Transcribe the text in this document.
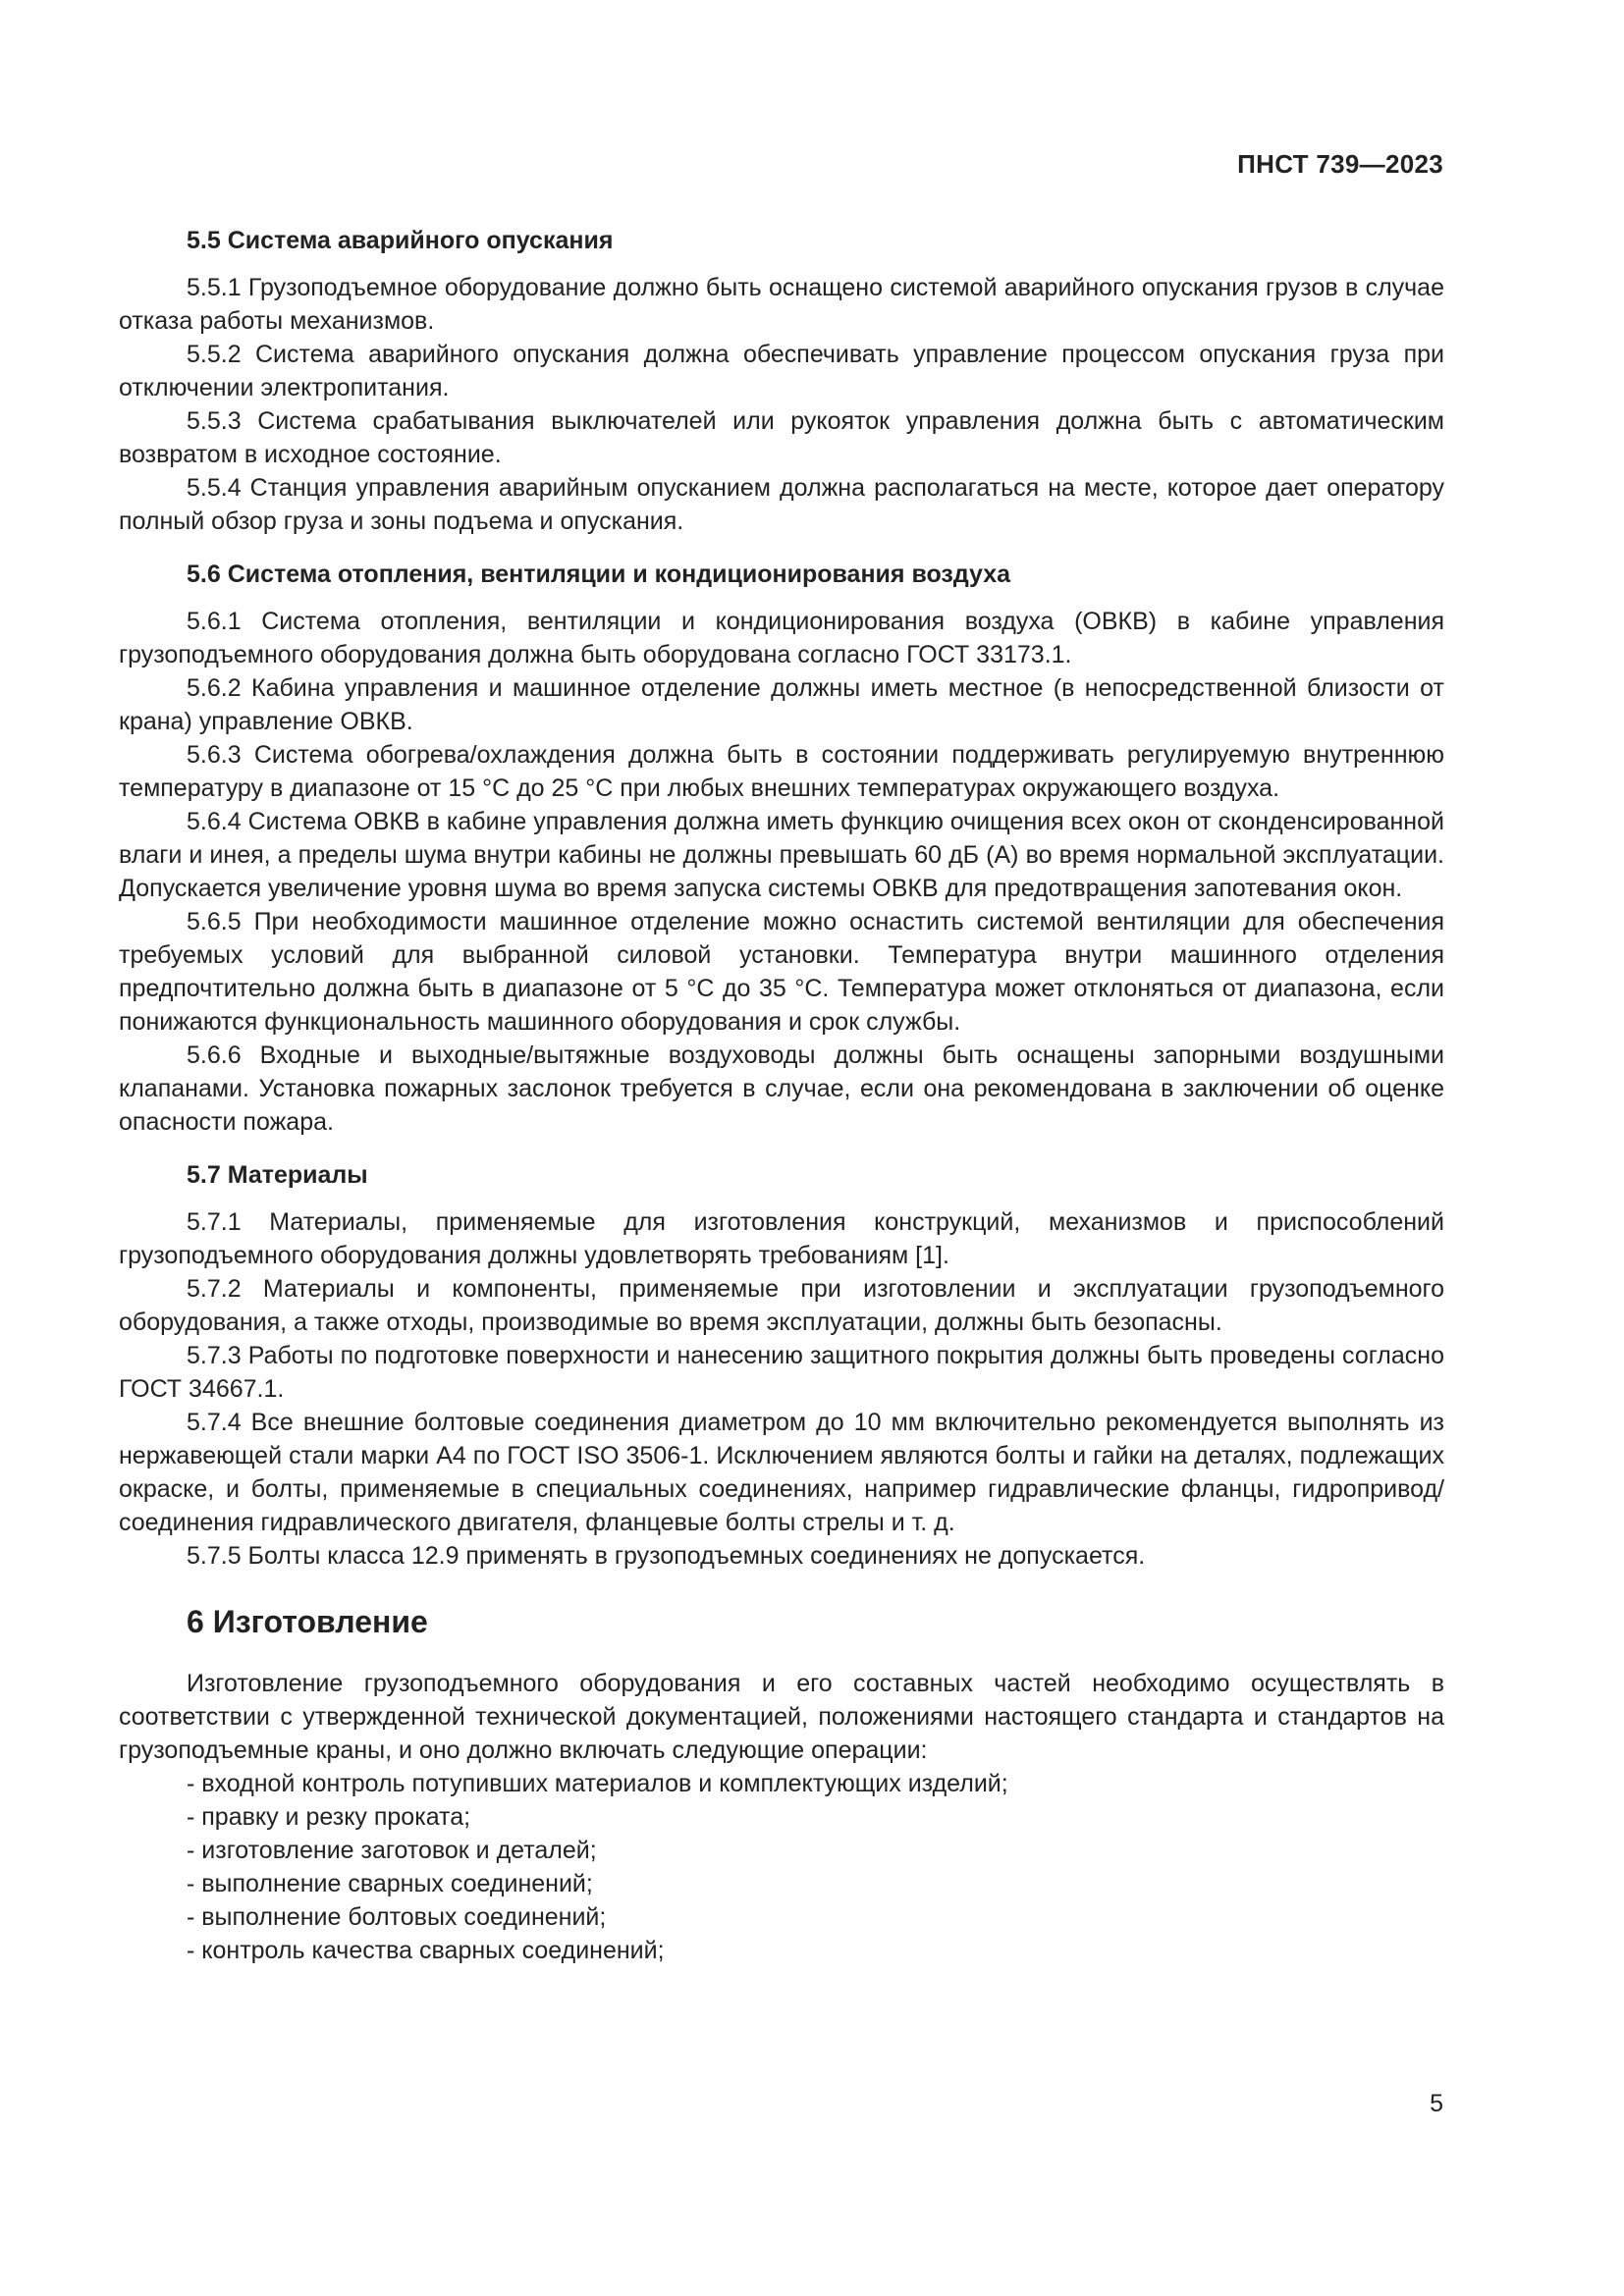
ПНСТ 739—2023
5.5 Система аварийного опускания

5.5.1 Грузоподъемное оборудование должно быть оснащено системой аварийного опускания грузов в случае отказа работы механизмов.

5.5.2 Система аварийного опускания должна обеспечивать управление процессом опускания груза при отключении электропитания.

5.5.3 Система срабатывания выключателей или рукояток управления должна быть с автоматическим возвратом в исходное состояние.

5.5.4 Станция управления аварийным опусканием должна располагаться на месте, которое дает оператору полный обзор груза и зоны подъема и опускания.

5.6 Система отопления, вентиляции и кондиционирования воздуха

5.6.1 Система отопления, вентиляции и кондиционирования воздуха (ОВКВ) в кабине управления грузоподъемного оборудования должна быть оборудована согласно ГОСТ 33173.1.

5.6.2 Кабина управления и машинное отделение должны иметь местное (в непосредственной близости от крана) управление ОВКВ.

5.6.3 Система обогрева/охлаждения должна быть в состоянии поддерживать регулируемую внутреннюю температуру в диапазоне от 15 °С до 25 °С при любых внешних температурах окружающего воздуха.

5.6.4 Система ОВКВ в кабине управления должна иметь функцию очищения всех окон от сконденсированной влаги и инея, а пределы шума внутри кабины не должны превышать 60 дБ (А) во время нормальной эксплуатации. Допускается увеличение уровня шума во время запуска системы ОВКВ для предотвращения запотевания окон.

5.6.5 При необходимости машинное отделение можно оснастить системой вентиляции для обеспечения требуемых условий для выбранной силовой установки. Температура внутри машинного отделения предпочтительно должна быть в диапазоне от 5 °С до 35 °С. Температура может отклоняться от диапазона, если понижаются функциональность машинного оборудования и срок службы.

5.6.6 Входные и выходные/вытяжные воздуховоды должны быть оснащены запорными воздушными клапанами. Установка пожарных заслонок требуется в случае, если она рекомендована в заключении об оценке опасности пожара.

5.7 Материалы

5.7.1 Материалы, применяемые для изготовления конструкций, механизмов и приспособлений грузоподъемного оборудования должны удовлетворять требованиям [1].

5.7.2 Материалы и компоненты, применяемые при изготовлении и эксплуатации грузоподъемного оборудования, а также отходы, производимые во время эксплуатации, должны быть безопасны.

5.7.3 Работы по подготовке поверхности и нанесению защитного покрытия должны быть проведены согласно ГОСТ 34667.1.

5.7.4 Все внешние болтовые соединения диаметром до 10 мм включительно рекомендуется выполнять из нержавеющей стали марки А4 по ГОСТ ISO 3506-1. Исключением являются болты и гайки на деталях, подлежащих окраске, и болты, применяемые в специальных соединениях, например гидравлические фланцы, гидропривод/соединения гидравлического двигателя, фланцевые болты стрелы и т. д.

5.7.5 Болты класса 12.9 применять в грузоподъемных соединениях не допускается.

6 Изготовление

Изготовление грузоподъемного оборудования и его составных частей необходимо осуществлять в соответствии с утвержденной технической документацией, положениями настоящего стандарта и стандартов на грузоподъемные краны, и оно должно включать следующие операции:

- входной контроль потупивших материалов и комплектующих изделий;
- правку и резку проката;
- изготовление заготовок и деталей;
- выполнение сварных соединений;
- выполнение болтовых соединений;
- контроль качества сварных соединений;
5
